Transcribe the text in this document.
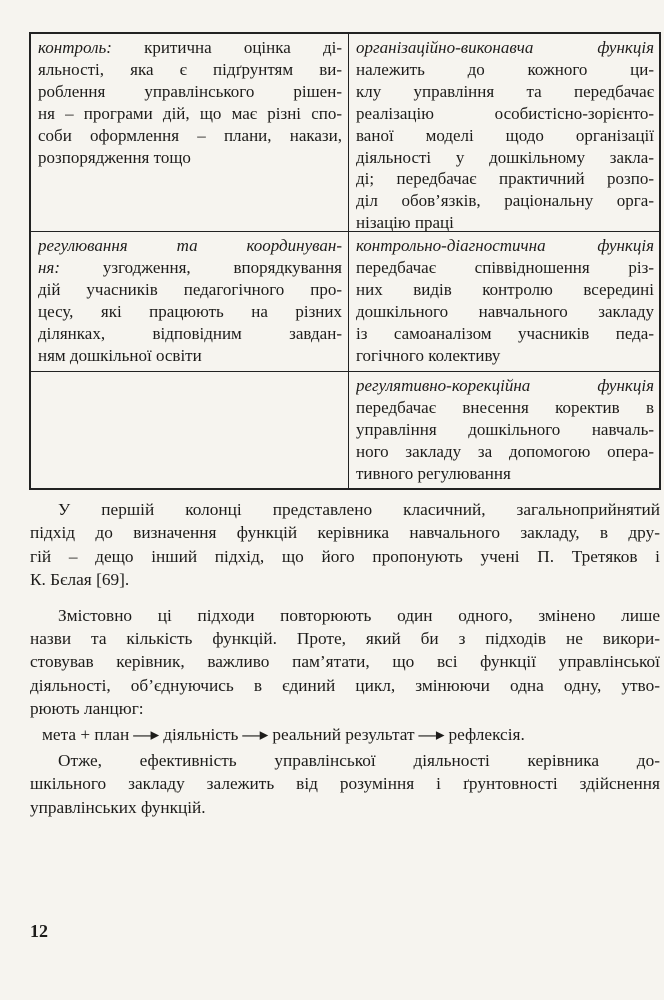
контроль: критична оцінка ді-
яльності, яка є підґрунтям ви-
роблення управлінського рішен-
ня – програми дій, що має різні спо-
соби оформлення – плани, накази,
розпорядження тощо
організаційно-виконавча функція
належить до кожного ци-
клу управління та передбачає
реалізацію особистісно-зорієнто-
ваної моделі щодо організації
діяльності у дошкільному закла-
ді; передбачає практичний розпо-
діл обов’язків, раціональну орга-
нізацію праці
регулювання та координуван-
ня: узгодження, впорядкування
дій учасників педагогічного про-
цесу, які працюють на різних
ділянках, відповідним завдан-
ням дошкільної освіти
контрольно-діагностична функція
передбачає співвідношення різ-
них видів контролю всередині
дошкільного навчального закладу
із самоаналізом учасників педа-
гогічного колективу
регулятивно-корекційна функція
передбачає внесення коректив в
управління дошкільного навчаль-
ного закладу за допомогою опера-
тивного регулювання
У першій колонці представлено класичний, загальноприйнятий
підхід до визначення функцій керівника навчального закладу, в дру-
гій – дещо інший підхід, що його пропонують учені П. Третяков і
К. Бєлая [69].
Змістовно ці підходи повторюють один одного, змінено лише
назви та кількість функцій. Проте, який би з підходів не викори-
стовував керівник, важливо пам’ятати, що всі функції управлінської
діяльності, об’єднуючись в єдиний цикл, змінюючи одна одну, утво-
рюють ланцюг:
мета + план —▸ діяльність —▸ реальний результат —▸ рефлексія.
Отже, ефективність управлінської діяльності керівника до-
шкільного закладу залежить від розуміння і ґрунтовності здійснення
управлінських функцій.
12
